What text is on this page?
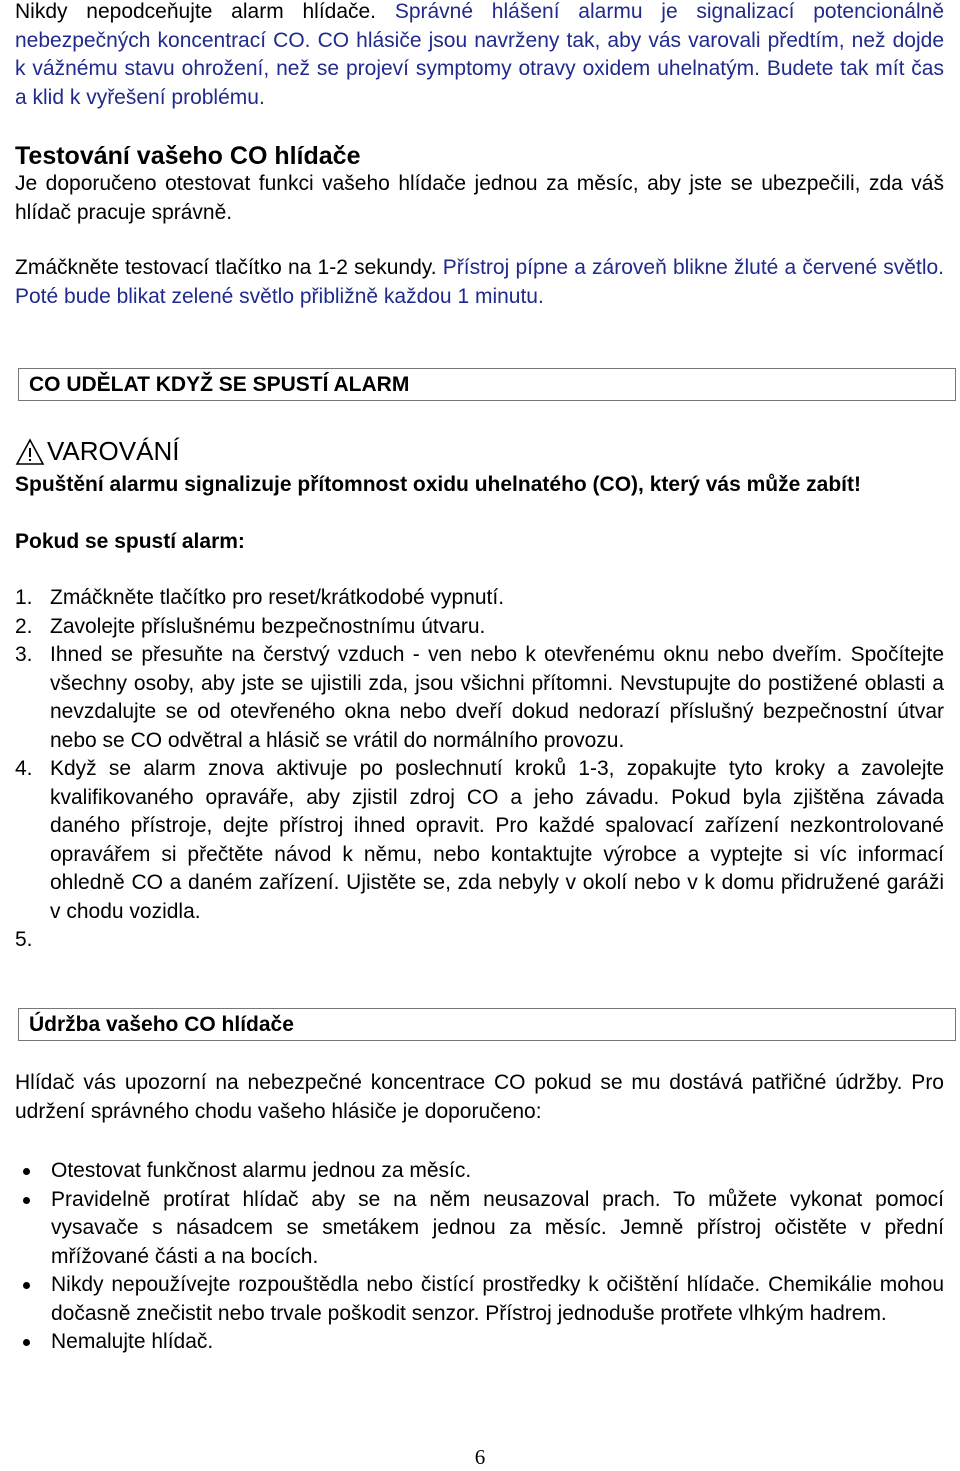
Nikdy nepodceňujte alarm hlídače. Správné hlášení alarmu je signalizací potencionálně nebezpečných koncentrací CO. CO hlásiče jsou navrženy tak, aby vás varovali předtím, než dojde k vážnému stavu ohrožení, než se projeví symptomy otravy oxidem uhelnatým. Budete tak mít čas a klid k vyřešení problému.

Testování vašeho CO hlídače

Je doporučeno otestovat funkci vašeho hlídače jednou za měsíc, aby jste se ubezpečili, zda váš hlídač pracuje správně.

Zmáčkněte testovací tlačítko na 1-2 sekundy. Přístroj pípne a zároveň blikne žluté a červené světlo. Poté bude blikat zelené světlo přibližně každou 1 minutu.

CO UDĚLAT KDYŽ SE SPUSTÍ ALARM
VAROVÁNÍ

Spuštění alarmu signalizuje přítomnost oxidu uhelnatého (CO), který vás může zabít!

Pokud se spustí alarm:

1. Zmáčkněte tlačítko pro reset/krátkodobé vypnutí.

2. Zavolejte příslušnému bezpečnostnímu útvaru.

3. Ihned se přesuňte na čerstvý vzduch - ven nebo k otevřenému oknu nebo dveřím. Spočítejte všechny osoby, aby jste se ujistili zda, jsou všichni přítomni. Nevstupujte do postižené oblasti a nevzdalujte se od otevřeného okna nebo dveří dokud nedorazí příslušný bezpečnostní útvar nebo se CO odvětral a hlásič se vrátil do normálního provozu.

4. Když se alarm znova aktivuje po poslechnutí kroků 1-3, zopakujte tyto kroky a zavolejte kvalifikovaného opraváře, aby zjistil zdroj CO a jeho závadu. Pokud byla zjištěna závada daného přístroje, dejte přístroj ihned opravit. Pro každé spalovací zařízení nezkontrolované opravářem si přečtěte návod k němu, nebo kontaktujte výrobce a vyptejte si víc informací ohledně CO a daném zařízení. Ujistěte se, zda nebyly v okolí nebo v k domu přidružené garáži v chodu vozidla.

5.

Údržba vašeho CO hlídače

Hlídač vás upozorní na nebezpečné koncentrace CO pokud se mu dostává patřičné údržby. Pro udržení správného chodu vašeho hlásiče je doporučeno:

Otestovat funkčnost alarmu jednou za měsíc.

Pravidelně protírat hlídač aby se na něm neusazoval prach. To můžete vykonat pomocí vysavače s násadcem se smetákem jednou za měsíc. Jemně přístroj očistěte v přední mřížované části a na bocích.

Nikdy nepoužívejte rozpouštědla nebo čistící prostředky k očištění hlídače. Chemikálie mohou dočasně znečistit nebo trvale poškodit senzor. Přístroj jednoduše protřete vlhkým hadrem.

Nemalujte hlídač.

6
